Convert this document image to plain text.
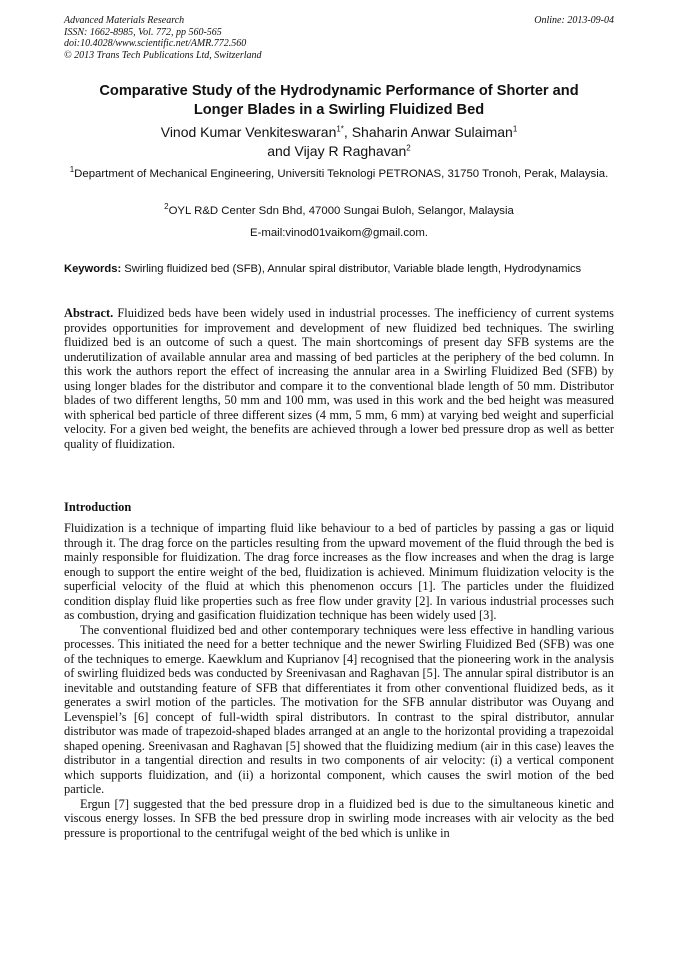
Advanced Materials Research
ISSN: 1662-8985, Vol. 772, pp 560-565
doi:10.4028/www.scientific.net/AMR.772.560
© 2013 Trans Tech Publications Ltd, Switzerland
Online: 2013-09-04
Comparative Study of the Hydrodynamic Performance of Shorter and
Longer Blades in a Swirling Fluidized Bed
Vinod Kumar Venkiteswaran$^{1*}$, Shaharin Anwar Sulaiman$^1$
and Vijay R Raghavan$^2$
$^1$Department of Mechanical Engineering, Universiti Teknologi PETRONAS, 31750 Tronoh, Perak, Malaysia.
$^2$OYL R&D Center Sdn Bhd, 47000 Sungai Buloh, Selangor, Malaysia
E-mail:vinod01vaikom@gmail.com.
Keywords: Swirling fluidized bed (SFB), Annular spiral distributor, Variable blade length, Hydrodynamics
Abstract. Fluidized beds have been widely used in industrial processes. The inefficiency of current systems provides opportunities for improvement and development of new fluidized bed techniques. The swirling fluidized bed is an outcome of such a quest. The main shortcomings of present day SFB systems are the underutilization of available annular area and massing of bed particles at the periphery of the bed column. In this work the authors report the effect of increasing the annular area in a Swirling Fluidized Bed (SFB) by using longer blades for the distributor and compare it to the conventional blade length of 50 mm. Distributor blades of two different lengths, 50 mm and 100 mm, was used in this work and the bed height was measured with spherical bed particle of three different sizes (4 mm, 5 mm, 6 mm) at varying bed weight and superficial velocity. For a given bed weight, the benefits are achieved through a lower bed pressure drop as well as better quality of fluidization.
Introduction

Fluidization is a technique of imparting fluid like behaviour to a bed of particles by passing a gas or liquid through it. The drag force on the particles resulting from the upward movement of the fluid through the bed is mainly responsible for fluidization. The drag force increases as the flow increases and when the drag is large enough to support the entire weight of the bed, fluidization is achieved. Minimum fluidization velocity is the superficial velocity of the fluid at which this phenomenon occurs [1]. The particles under the fluidized condition display fluid like properties such as free flow under gravity [2]. In various industrial processes such as combustion, drying and gasification fluidization technique has been widely used [3].

The conventional fluidized bed and other contemporary techniques were less effective in handling various processes. This initiated the need for a better technique and the newer Swirling Fluidized Bed (SFB) was one of the techniques to emerge. Kaewklum and Kuprianov [4] recognised that the pioneering work in the analysis of swirling fluidized beds was conducted by Sreenivasan and Raghavan [5]. The annular spiral distributor is an inevitable and outstanding feature of SFB that differentiates it from other conventional fluidized beds, as it generates a swirl motion of the particles. The motivation for the SFB annular distributor was Ouyang and Levenspiel’s [6] concept of full-width spiral distributors. In contrast to the spiral distributor, annular distributor was made of trapezoid-shaped blades arranged at an angle to the horizontal providing a trapezoidal shaped opening. Sreenivasan and Raghavan [5] showed that the fluidizing medium (air in this case) leaves the distributor in a tangential direction and results in two components of air velocity: (i) a vertical component which supports fluidization, and (ii) a horizontal component, which causes the swirl motion of the bed particle.

Ergun [7] suggested that the bed pressure drop in a fluidized bed is due to the simultaneous kinetic and viscous energy losses. In SFB the bed pressure drop in swirling mode increases with air velocity as the bed pressure is proportional to the centrifugal weight of the bed which is unlike in
